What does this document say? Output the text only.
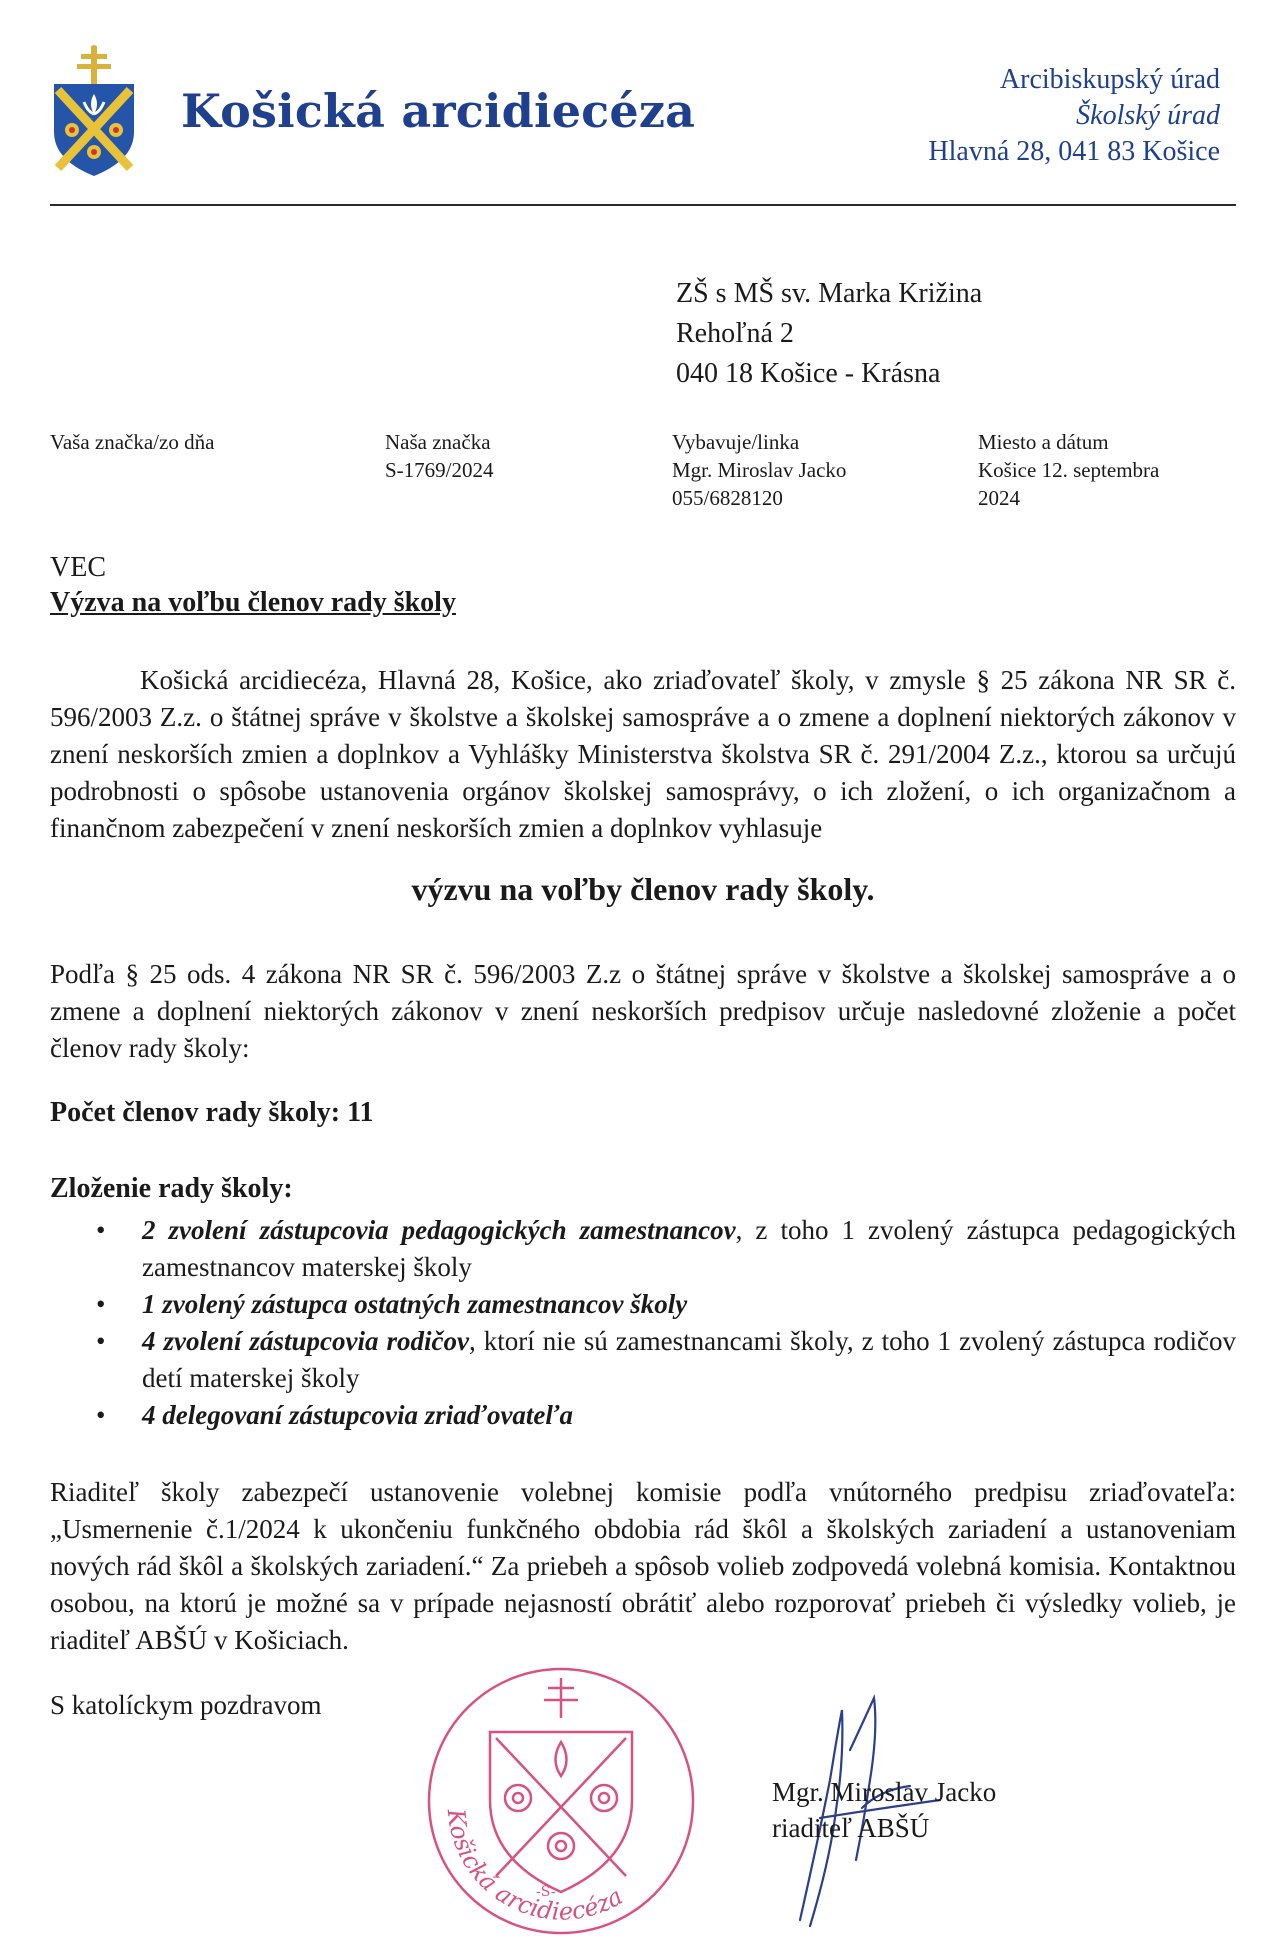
Košická arcidiecéza
Arcibiskupský úrad
Školský úrad
Hlavná 28, 041 83 Košice
ZŠ s MŠ sv. Marka Križina
Rehoľná 2
040 18 Košice - Krásna
Vaša značka/zo dňa	Naša značka
S-1769/2024
Vybavuje/linka
Mgr. Miroslav Jacko
055/6828120
Miesto a dátum
Košice 12. septembra
2024
VEC
Výzva na voľbu členov rady školy
Košická arcidiecéza, Hlavná 28, Košice, ako zriaďovateľ školy, v zmysle § 25 zákona NR SR č. 596/2003 Z.z. o štátnej správe v školstve a školskej samospráve a o zmene a doplnení niektorých zákonov v znení neskorších zmien a doplnkov a Vyhlášky Ministerstva školstva SR č. 291/2004 Z.z., ktorou sa určujú podrobnosti o spôsobe ustanovenia orgánov školskej samosprávy, o ich zložení, o ich organizačnom a finančnom zabezpečení v znení neskorších zmien a doplnkov vyhlasuje
výzvu na voľby členov rady školy.
Podľa § 25 ods. 4 zákona NR SR č. 596/2003 Z.z o štátnej správe v školstve a školskej samospráve a o zmene a doplnení niektorých zákonov v znení neskorších predpisov určuje nasledovné zloženie a počet členov rady školy:
Počet členov rady školy: 11
Zloženie rady školy:
• 2 zvolení zástupcovia pedagogických zamestnancov, z toho 1 zvolený zástupca pedagogických zamestnancov materskej školy
• 1 zvolený zástupca ostatných zamestnancov školy
• 4 zvolení zástupcovia rodičov, ktorí nie sú zamestnancami školy, z toho 1 zvolený zástupca rodičov detí materskej školy
• 4 delegovaní zástupcovia zriaďovateľa
Riaditeľ školy zabezpečí ustanovenie volebnej komisie podľa vnútorného predpisu zriaďovateľa: „Usmernenie č.1/2024 k ukončeniu funkčného obdobia rád škôl a školských zariadení a ustanoveniam nových rád škôl a školských zariadení.“ Za priebeh a spôsob volieb zodpovedá volebná komisia. Kontaktnou osobou, na ktorú je možné sa v prípade nejasností obrátiť alebo rozporovať priebeh či výsledky volieb, je riaditeľ ABŠÚ v Košiciach.
S katolíckym pozdravom
Košická arcidiecéza
-S-
Mgr. Miroslav Jacko
riaditeľ ABŠÚ
